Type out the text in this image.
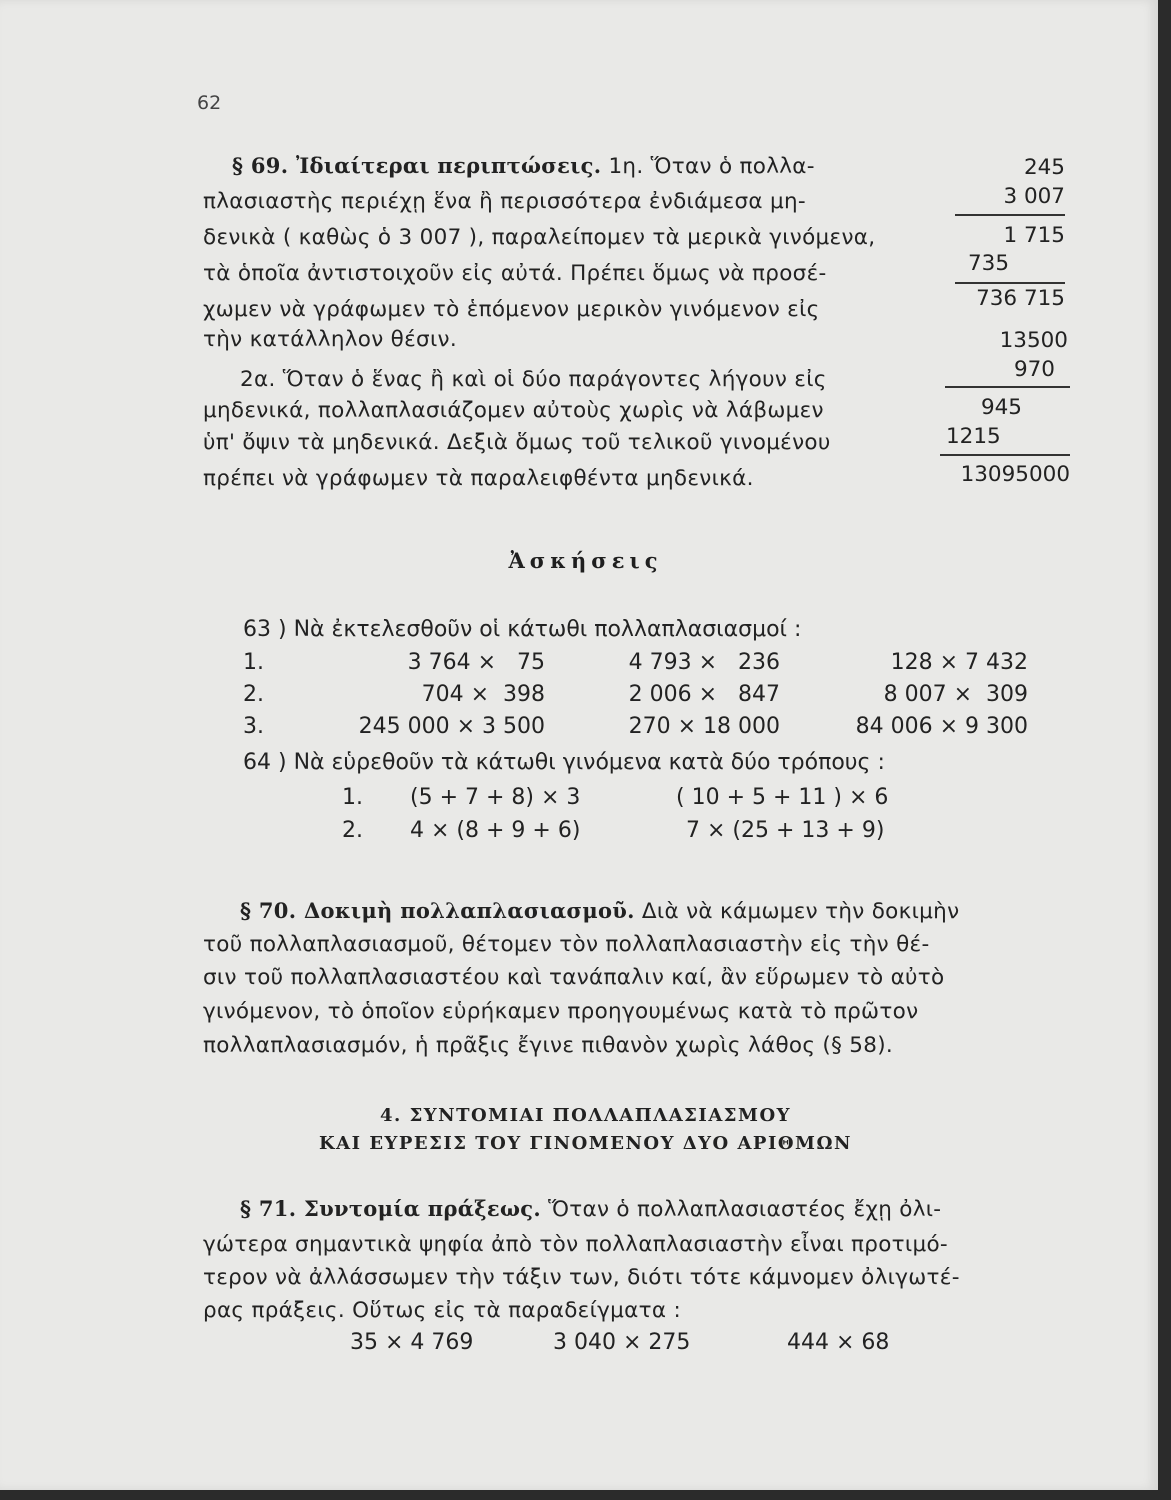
62
§ 69. Ἰδιαίτεραι περιπτώσεις. 1η. Ὅταν ὁ πολλα-
πλασιαστὴς περιέχῃ ἕνα ἢ περισσότερα ἐνδιάμεσα μη-
δενικὰ ( καθὼς ὁ 3 007 ), παραλείπομεν τὰ μερικὰ γινόμενα,
τὰ ὁποῖα ἀντιστοιχοῦν εἰς αὐτά. Πρέπει ὅμως νὰ προσέ-
χωμεν νὰ γράφωμεν τὸ ἑπόμενον μερικὸν γινόμενον εἰς
τὴν κατάλληλον θέσιν.
2α. Ὅταν ὁ ἕνας ἢ καὶ οἱ δύο παράγοντες λήγουν εἰς
μηδενικά, πολλαπλασιάζομεν αὐτοὺς χωρὶς νὰ λάβωμεν
ὑπ' ὄψιν τὰ μηδενικά. Δεξιὰ ὅμως τοῦ τελικοῦ γινομένου
πρέπει νὰ γράφωμεν τὰ παραλειφθέντα μηδενικά.
245
3 007
1 715
735
736 715
13500
970
945
1215
13095000
Ἀσκήσεις
63 ) Νὰ ἐκτελεσθοῦν οἱ κάτωθι πολλαπλασιασμοί :
1.	3 764 ×   75	4 793 ×   236	128 × 7 432
2.	704 ×  398	2 006 ×   847	8 007 ×  309
3.	245 000 × 3 500	270 × 18 000	84 006 × 9 300
64 ) Νὰ εὑρεθοῦν τὰ κάτωθι γινόμενα κατὰ δύο τρόπους :
1. (5 + 7 + 8) × 3	( 10 + 5 + 11 ) × 6
2. 4 × (8 + 9 + 6)	7 × (25 + 13 + 9)
§ 70. Δοκιμὴ πολλαπλασιασμοῦ. Διὰ νὰ κάμωμεν τὴν δοκιμὴν
τοῦ πολλαπλασιασμοῦ, θέτομεν τὸν πολλαπλασιαστὴν εἰς τὴν θέ-
σιν τοῦ πολλαπλασιαστέου καὶ τανάπαλιν καί, ἂν εὕρωμεν τὸ αὐτὸ
γινόμενον, τὸ ὁποῖον εὑρήκαμεν προηγουμένως κατὰ τὸ πρῶτον
πολλαπλασιασμόν, ἡ πρᾶξις ἔγινε πιθανὸν χωρὶς λάθος (§ 58).
4. ΣΥΝΤΟΜΙΑΙ ΠΟΛΛΑΠΛΑΣΙΑΣΜΟΥ
ΚΑΙ ΕΥΡΕΣΙΣ ΤΟΥ ΓΙΝΟΜΕΝΟΥ ΔΥΟ ΑΡΙΘΜΩΝ
§ 71. Συντομία πράξεως. Ὅταν ὁ πολλαπλασιαστέος ἔχῃ ὀλι-
γώτερα σημαντικὰ ψηφία ἀπὸ τὸν πολλαπλασιαστὴν εἶναι προτιμό-
τερον νὰ ἀλλάσσωμεν τὴν τάξιν των, διότι τότε κάμνομεν ὀλιγωτέ-
ρας πράξεις. Οὕτως εἰς τὰ παραδείγματα :
35 × 4 769	3 040 × 275	444 × 68
